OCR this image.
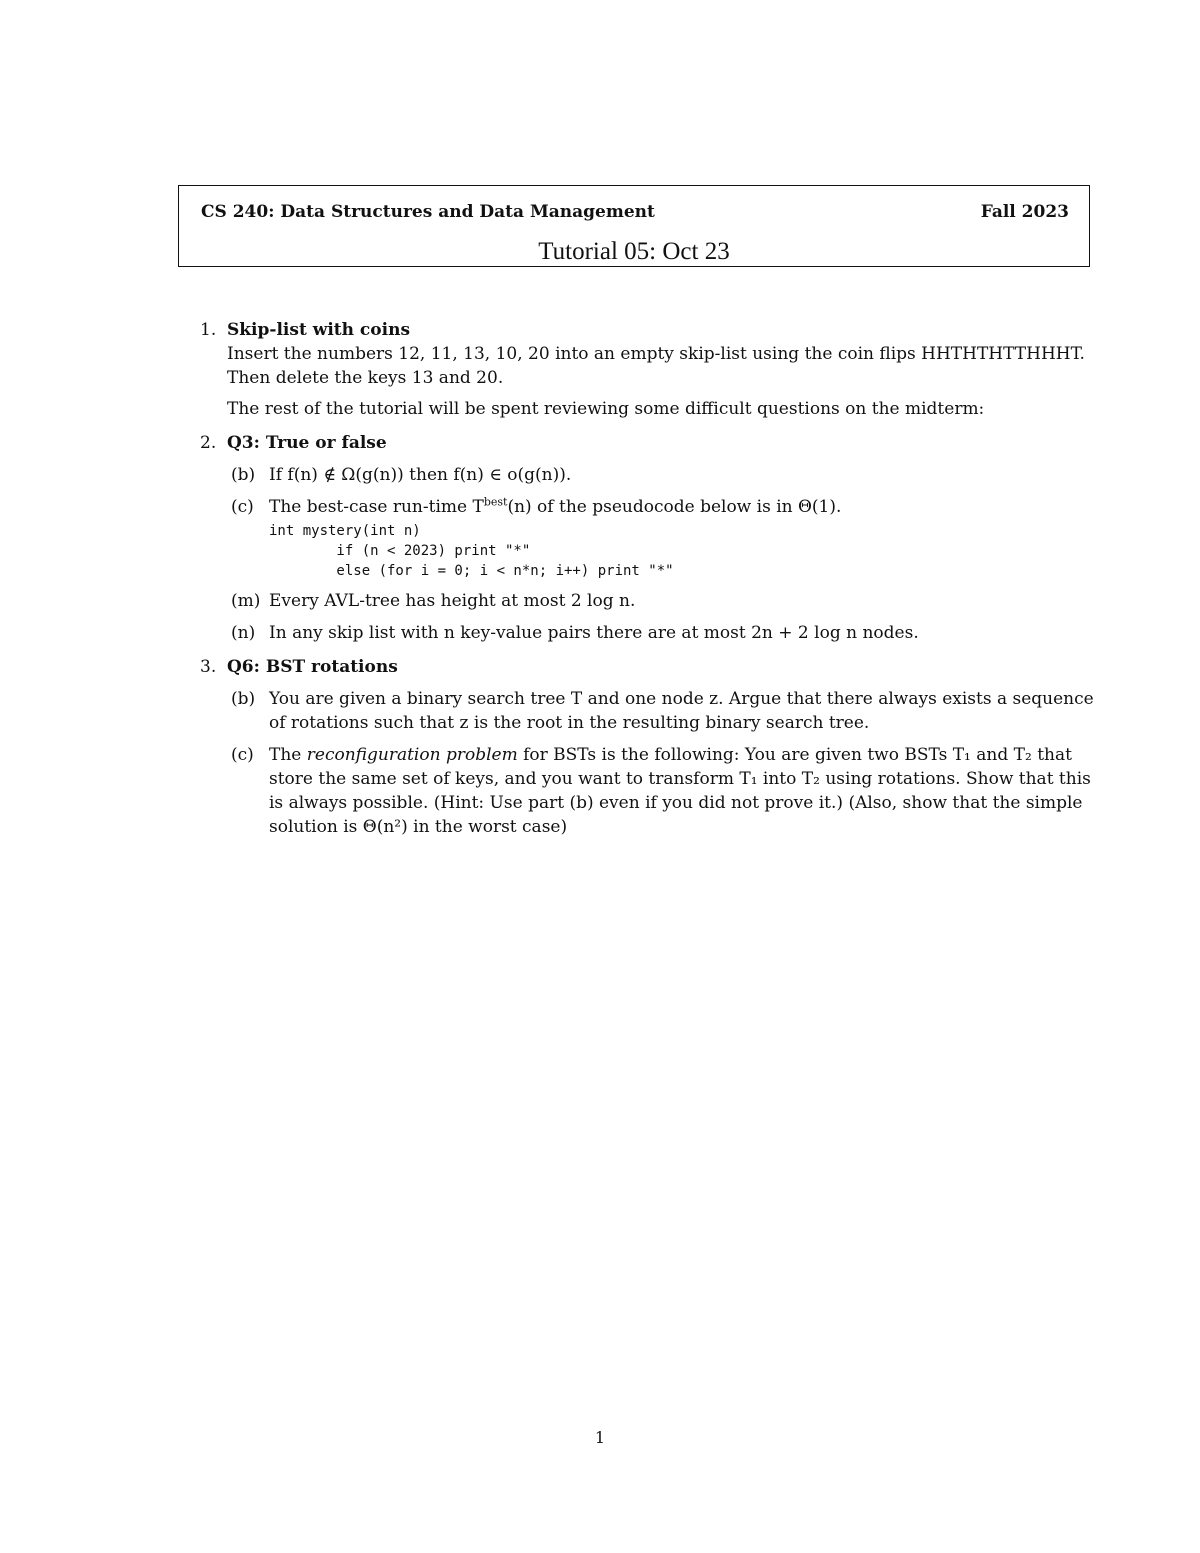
CS 240: Data Structures and Data Management	Fall 2023
Tutorial 05: Oct 23
1. Skip-list with coins

Insert the numbers 12, 11, 13, 10, 20 into an empty skip-list using the coin flips HHTHTHTTHHHT. Then delete the keys 13 and 20.

The rest of the tutorial will be spent reviewing some difficult questions on the midterm:

2. Q3: True or false
(b) If f(n) ∉ Ω(g(n)) then f(n) ∈ o(g(n)).
(c) The best-case run-time $T^{best}(n)$ of the pseudocode below is in Θ(1).
int mystery(int n)
if (n < 2023) print "*"
else (for i = 0; i < n*n; i++) print "*"
(m) Every AVL-tree has height at most 2 log n.
(n) In any skip list with n key-value pairs there are at most 2n + 2 log n nodes.
3. Q6: BST rotations
(b) You are given a binary search tree T and one node z. Argue that there always exists a sequence of rotations such that z is the root in the resulting binary search tree.
(c) The reconfiguration problem for BSTs is the following: You are given two BSTs T₁ and T₂ that store the same set of keys, and you want to transform T₁ into T₂ using rotations. Show that this is always possible. (Hint: Use part (b) even if you did not prove it.) (Also, show that the simple solution is Θ(n²) in the worst case)
1
